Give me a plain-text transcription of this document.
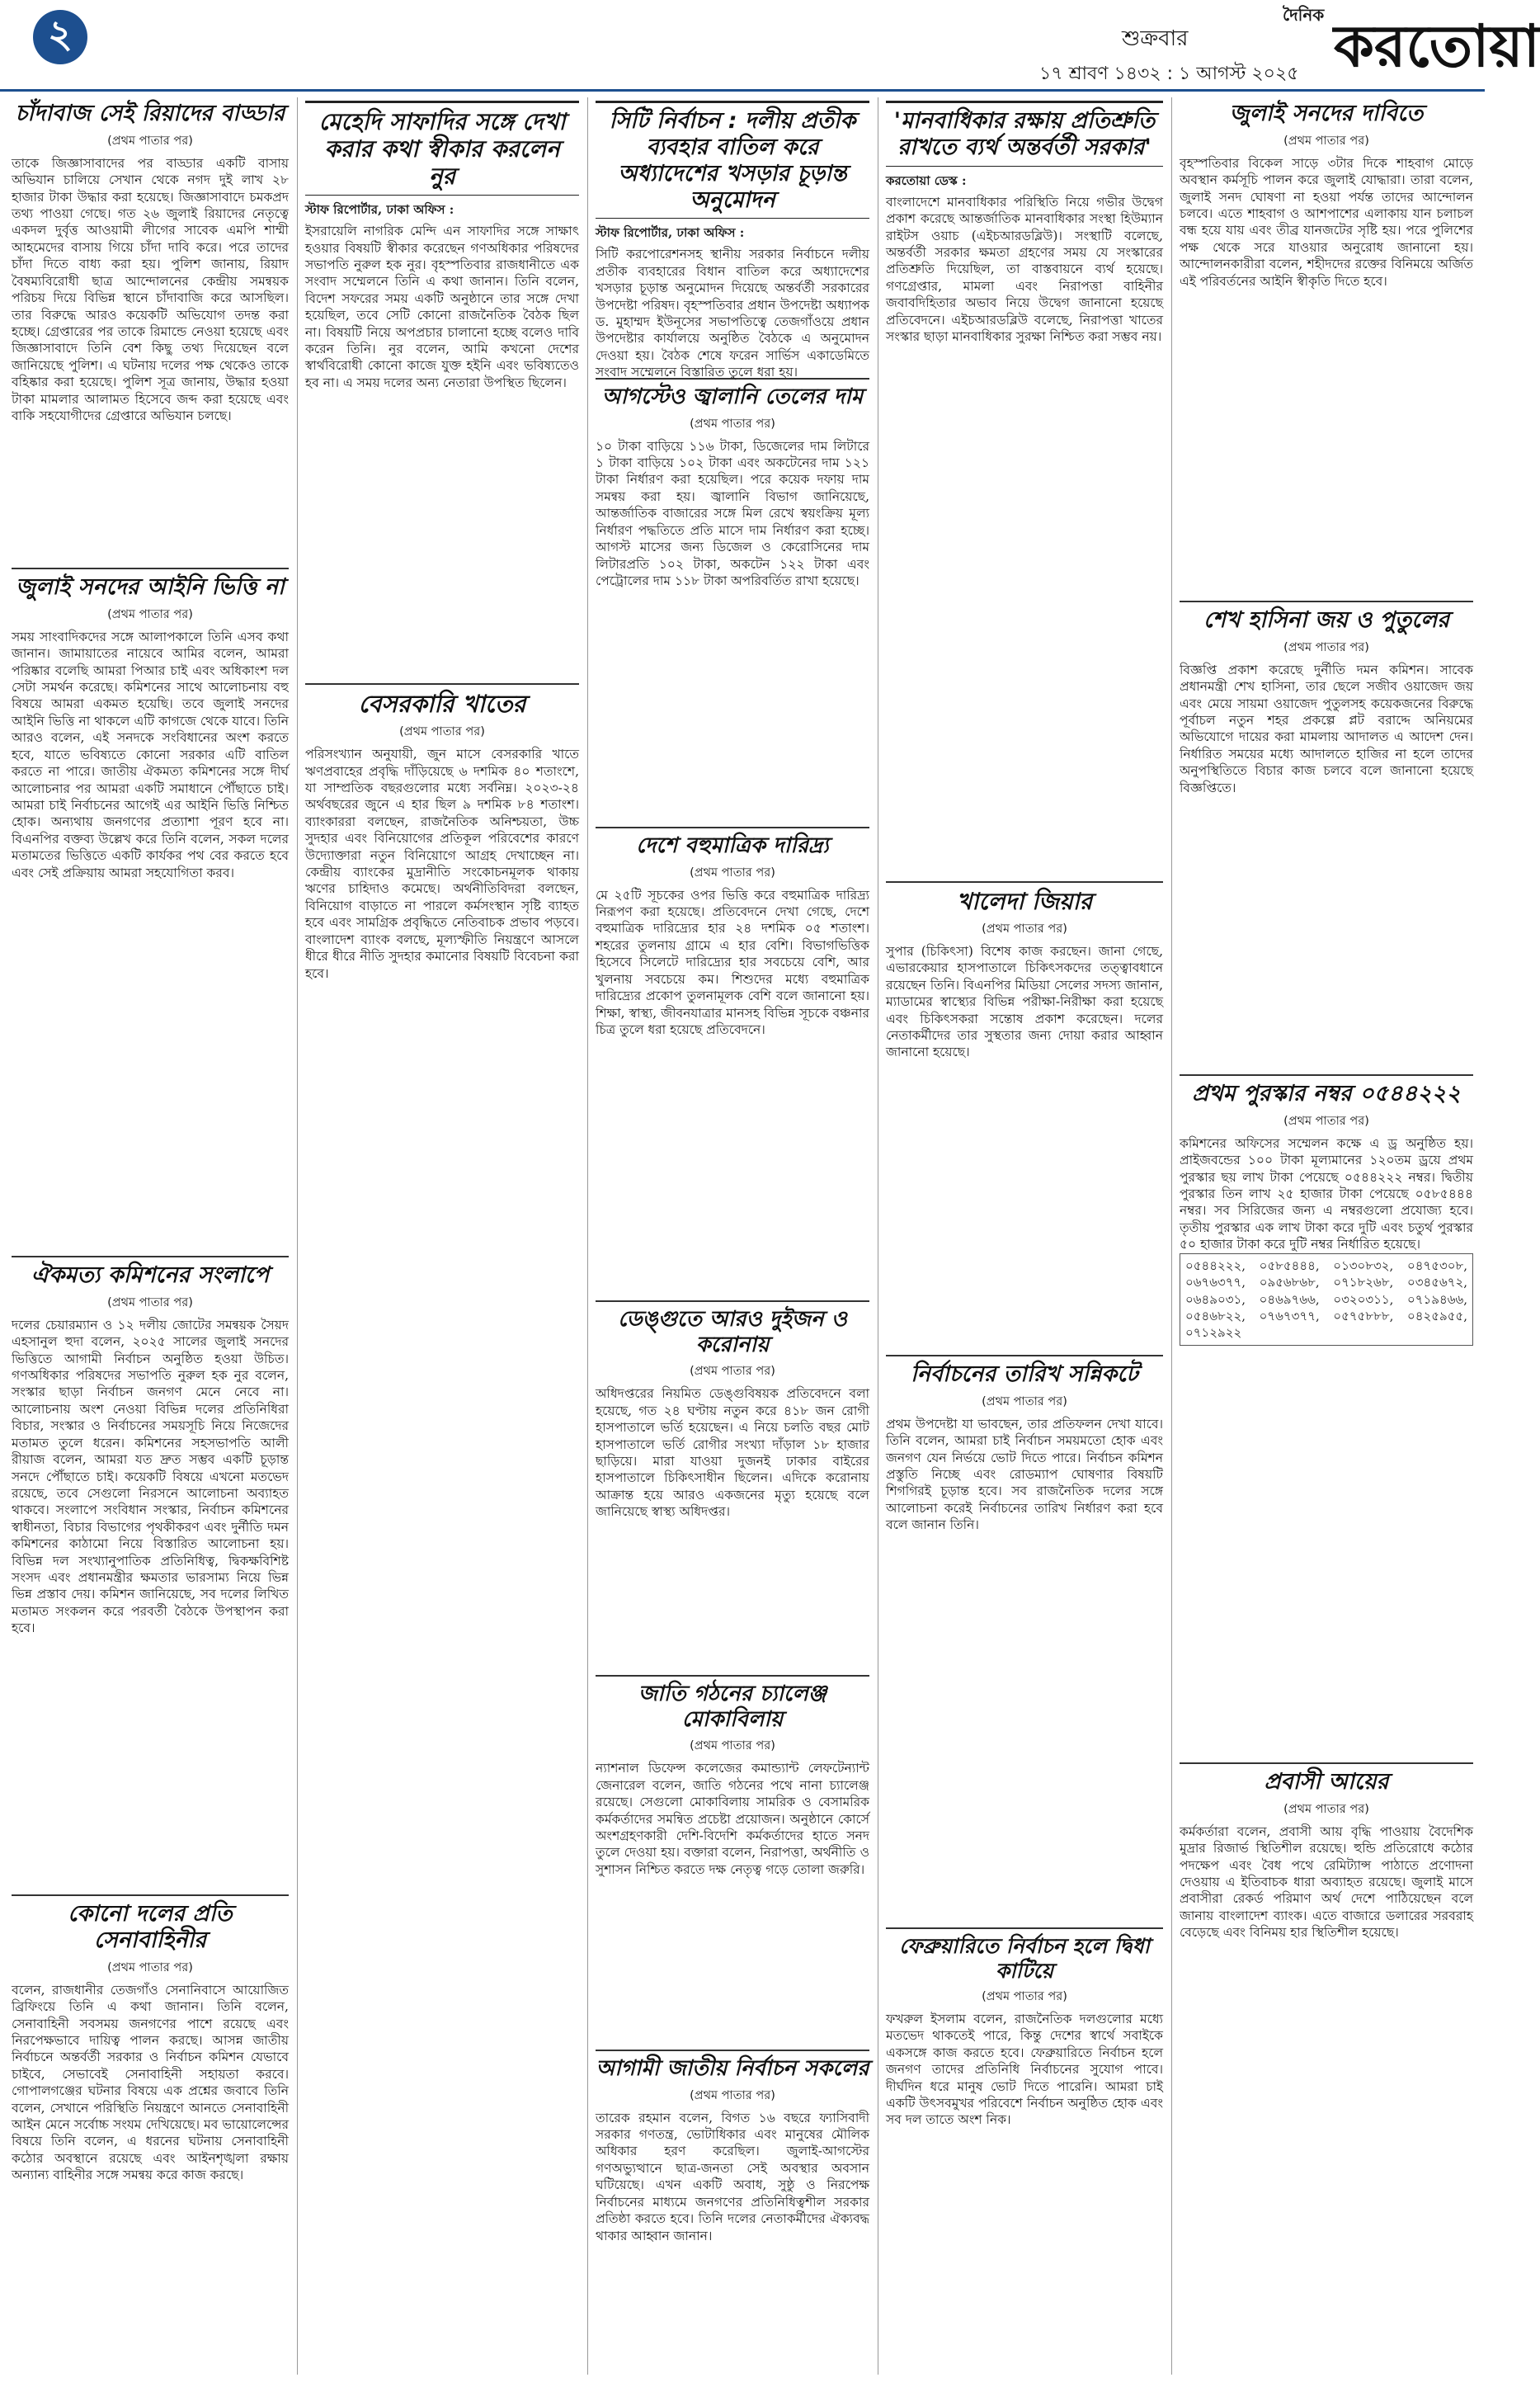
২	শুক্রবার
১৭ শ্রাবণ ১৪৩২ : ১ আগস্ট ২০২৫
দৈনিক করতোয়া
চাঁদাবাজ সেই রিয়াদের বাড্ডার
(প্রথম পাতার পর)

তাকে জিজ্ঞাসাবাদের পর বাড্ডার একটি বাসায় অভিযান চালিয়ে সেখান থেকে নগদ দুই লাখ ২৮ হাজার টাকা উদ্ধার করা হয়েছে। জিজ্ঞাসাবাদে চমকপ্রদ তথ্য পাওয়া গেছে। গত ২৬ জুলাই রিয়াদের নেতৃত্বে একদল দুর্বৃত্ত আওয়ামী লীগের সাবেক এমপি শাম্মী আহমেদের বাসায় গিয়ে চাঁদা দাবি করে। পরে তাদের চাঁদা দিতে বাধ্য করা হয়। পুলিশ জানায়, রিয়াদ বৈষম্যবিরোধী ছাত্র আন্দোলনের কেন্দ্রীয় সমন্বয়ক পরিচয় দিয়ে বিভিন্ন স্থানে চাঁদাবাজি করে আসছিল। তার বিরুদ্ধে আরও কয়েকটি অভিযোগ তদন্ত করা হচ্ছে। গ্রেপ্তারের পর তাকে রিমান্ডে নেওয়া হয়েছে এবং জিজ্ঞাসাবাদে তিনি বেশ কিছু তথ্য দিয়েছেন বলে জানিয়েছে পুলিশ। এ ঘটনায় দলের পক্ষ থেকেও তাকে বহিষ্কার করা হয়েছে। পুলিশ সূত্র জানায়, উদ্ধার হওয়া টাকা মামলার আলামত হিসেবে জব্দ করা হয়েছে এবং বাকি সহযোগীদের গ্রেপ্তারে অভিযান চলছে।

জুলাই সনদের আইনি ভিত্তি না
(প্রথম পাতার পর)

সময় সাংবাদিকদের সঙ্গে আলাপকালে তিনি এসব কথা জানান। জামায়াতের নায়েবে আমির বলেন, আমরা পরিষ্কার বলেছি আমরা পিআর চাই এবং অধিকাংশ দল সেটা সমর্থন করেছে। কমিশনের সাথে আলোচনায় বহু বিষয়ে আমরা একমত হয়েছি। তবে জুলাই সনদের আইনি ভিত্তি না থাকলে এটি কাগজে থেকে যাবে। তিনি আরও বলেন, এই সনদকে সংবিধানের অংশ করতে হবে, যাতে ভবিষ্যতে কোনো সরকার এটি বাতিল করতে না পারে। জাতীয় ঐকমত্য কমিশনের সঙ্গে দীর্ঘ আলোচনার পর আমরা একটি সমাধানে পৌঁছাতে চাই। আমরা চাই নির্বাচনের আগেই এর আইনি ভিত্তি নিশ্চিত হোক। অন্যথায় জনগণের প্রত্যাশা পূরণ হবে না। বিএনপির বক্তব্য উল্লেখ করে তিনি বলেন, সকল দলের মতামতের ভিত্তিতে একটি কার্যকর পথ বের করতে হবে এবং সেই প্রক্রিয়ায় আমরা সহযোগিতা করব।

ঐকমত্য কমিশনের সংলাপে
(প্রথম পাতার পর)

দলের চেয়ারম্যান ও ১২ দলীয় জোটের সমন্বয়ক সৈয়দ এহসানুল হুদা বলেন, ২০২৫ সালের জুলাই সনদের ভিত্তিতে আগামী নির্বাচন অনুষ্ঠিত হওয়া উচিত। গণঅধিকার পরিষদের সভাপতি নুরুল হক নুর বলেন, সংস্কার ছাড়া নির্বাচন জনগণ মেনে নেবে না। আলোচনায় অংশ নেওয়া বিভিন্ন দলের প্রতিনিধিরা বিচার, সংস্কার ও নির্বাচনের সময়সূচি নিয়ে নিজেদের মতামত তুলে ধরেন। কমিশনের সহসভাপতি আলী রীয়াজ বলেন, আমরা যত দ্রুত সম্ভব একটি চূড়ান্ত সনদে পৌঁছাতে চাই। কয়েকটি বিষয়ে এখনো মতভেদ রয়েছে, তবে সেগুলো নিরসনে আলোচনা অব্যাহত থাকবে। সংলাপে সংবিধান সংস্কার, নির্বাচন কমিশনের স্বাধীনতা, বিচার বিভাগের পৃথকীকরণ এবং দুর্নীতি দমন কমিশনের কাঠামো নিয়ে বিস্তারিত আলোচনা হয়। বিভিন্ন দল সংখ্যানুপাতিক প্রতিনিধিত্ব, দ্বিকক্ষবিশিষ্ট সংসদ এবং প্রধানমন্ত্রীর ক্ষমতার ভারসাম্য নিয়ে ভিন্ন ভিন্ন প্রস্তাব দেয়। কমিশন জানিয়েছে, সব দলের লিখিত মতামত সংকলন করে পরবর্তী বৈঠকে উপস্থাপন করা হবে।

কোনো দলের প্রতি সেনাবাহিনীর
(প্রথম পাতার পর)

বলেন, রাজধানীর তেজগাঁও সেনানিবাসে আয়োজিত ব্রিফিংয়ে তিনি এ কথা জানান। তিনি বলেন, সেনাবাহিনী সবসময় জনগণের পাশে রয়েছে এবং নিরপেক্ষভাবে দায়িত্ব পালন করছে। আসন্ন জাতীয় নির্বাচনে অন্তর্বর্তী সরকার ও নির্বাচন কমিশন যেভাবে চাইবে, সেভাবেই সেনাবাহিনী সহায়তা করবে। গোপালগঞ্জের ঘটনার বিষয়ে এক প্রশ্নের জবাবে তিনি বলেন, সেখানে পরিস্থিতি নিয়ন্ত্রণে আনতে সেনাবাহিনী আইন মেনে সর্বোচ্চ সংযম দেখিয়েছে। মব ভায়োলেন্সের বিষয়ে তিনি বলেন, এ ধরনের ঘটনায় সেনাবাহিনী কঠোর অবস্থানে রয়েছে এবং আইনশৃঙ্খলা রক্ষায় অন্যান্য বাহিনীর সঙ্গে সমন্বয় করে কাজ করছে।

মেহেদি সাফাদির সঙ্গে দেখা করার কথা স্বীকার করলেন নুর
স্টাফ রিপোর্টার, ঢাকা অফিস :

ইসরায়েলি নাগরিক মেন্দি এন সাফাদির সঙ্গে সাক্ষাৎ হওয়ার বিষয়টি স্বীকার করেছেন গণঅধিকার পরিষদের সভাপতি নুরুল হক নুর। বৃহস্পতিবার রাজধানীতে এক সংবাদ সম্মেলনে তিনি এ কথা জানান। তিনি বলেন, বিদেশ সফরের সময় একটি অনুষ্ঠানে তার সঙ্গে দেখা হয়েছিল, তবে সেটি কোনো রাজনৈতিক বৈঠক ছিল না। বিষয়টি নিয়ে অপপ্রচার চালানো হচ্ছে বলেও দাবি করেন তিনি। নুর বলেন, আমি কখনো দেশের স্বার্থবিরোধী কোনো কাজে যুক্ত হইনি এবং ভবিষ্যতেও হব না। এ সময় দলের অন্য নেতারা উপস্থিত ছিলেন।

বেসরকারি খাতের
(প্রথম পাতার পর)

পরিসংখ্যান অনুযায়ী, জুন মাসে বেসরকারি খাতে ঋণপ্রবাহের প্রবৃদ্ধি দাঁড়িয়েছে ৬ দশমিক ৪০ শতাংশে, যা সাম্প্রতিক বছরগুলোর মধ্যে সর্বনিম্ন। ২০২৩-২৪ অর্থবছরের জুনে এ হার ছিল ৯ দশমিক ৮৪ শতাংশ। ব্যাংকাররা বলছেন, রাজনৈতিক অনিশ্চয়তা, উচ্চ সুদহার এবং বিনিয়োগের প্রতিকূল পরিবেশের কারণে উদ্যোক্তারা নতুন বিনিয়োগে আগ্রহ দেখাচ্ছেন না। কেন্দ্রীয় ব্যাংকের মুদ্রানীতি সংকোচনমূলক থাকায় ঋণের চাহিদাও কমেছে। অর্থনীতিবিদরা বলছেন, বিনিয়োগ বাড়াতে না পারলে কর্মসংস্থান সৃষ্টি ব্যাহত হবে এবং সামগ্রিক প্রবৃদ্ধিতে নেতিবাচক প্রভাব পড়বে। বাংলাদেশ ব্যাংক বলছে, মূল্যস্ফীতি নিয়ন্ত্রণে আসলে ধীরে ধীরে নীতি সুদহার কমানোর বিষয়টি বিবেচনা করা হবে।

সিটি নির্বাচন : দলীয় প্রতীক ব্যবহার বাতিল করে অধ্যাদেশের খসড়ার চূড়ান্ত অনুমোদন
স্টাফ রিপোর্টার, ঢাকা অফিস :

সিটি করপোরেশনসহ স্থানীয় সরকার নির্বাচনে দলীয় প্রতীক ব্যবহারের বিধান বাতিল করে অধ্যাদেশের খসড়ার চূড়ান্ত অনুমোদন দিয়েছে অন্তর্বর্তী সরকারের উপদেষ্টা পরিষদ। বৃহস্পতিবার প্রধান উপদেষ্টা অধ্যাপক ড. মুহাম্মদ ইউনূসের সভাপতিত্বে তেজগাঁওয়ে প্রধান উপদেষ্টার কার্যালয়ে অনুষ্ঠিত বৈঠকে এ অনুমোদন দেওয়া হয়। বৈঠক শেষে ফরেন সার্ভিস একাডেমিতে সংবাদ সম্মেলনে বিস্তারিত তুলে ধরা হয়।

আগস্টেও জ্বালানি তেলের দাম
(প্রথম পাতার পর)

১০ টাকা বাড়িয়ে ১১৬ টাকা, ডিজেলের দাম লিটারে ১ টাকা বাড়িয়ে ১০২ টাকা এবং অকটেনের দাম ১২১ টাকা নির্ধারণ করা হয়েছিল। পরে কয়েক দফায় দাম সমন্বয় করা হয়। জ্বালানি বিভাগ জানিয়েছে, আন্তর্জাতিক বাজারের সঙ্গে মিল রেখে স্বয়ংক্রিয় মূল্য নির্ধারণ পদ্ধতিতে প্রতি মাসে দাম নির্ধারণ করা হচ্ছে। আগস্ট মাসের জন্য ডিজেল ও কেরোসিনের দাম লিটারপ্রতি ১০২ টাকা, অকটেন ১২২ টাকা এবং পেট্রোলের দাম ১১৮ টাকা অপরিবর্তিত রাখা হয়েছে।

দেশে বহুমাত্রিক দারিদ্র্য
(প্রথম পাতার পর)

মে ২৫টি সূচকের ওপর ভিত্তি করে বহুমাত্রিক দারিদ্র্য নিরূপণ করা হয়েছে। প্রতিবেদনে দেখা গেছে, দেশে বহুমাত্রিক দারিদ্র্যের হার ২৪ দশমিক ০৫ শতাংশ। শহরের তুলনায় গ্রামে এ হার বেশি। বিভাগভিত্তিক হিসেবে সিলেটে দারিদ্র্যের হার সবচেয়ে বেশি, আর খুলনায় সবচেয়ে কম। শিশুদের মধ্যে বহুমাত্রিক দারিদ্র্যের প্রকোপ তুলনামূলক বেশি বলে জানানো হয়। শিক্ষা, স্বাস্থ্য, জীবনযাত্রার মানসহ বিভিন্ন সূচকে বঞ্চনার চিত্র তুলে ধরা হয়েছে প্রতিবেদনে।

ডেঙ্গুতে আরও দুইজন ও করোনায়
(প্রথম পাতার পর)

অধিদপ্তরের নিয়মিত ডেঙ্গুবিষয়ক প্রতিবেদনে বলা হয়েছে, গত ২৪ ঘণ্টায় নতুন করে ৪১৮ জন রোগী হাসপাতালে ভর্তি হয়েছেন। এ নিয়ে চলতি বছর মোট হাসপাতালে ভর্তি রোগীর সংখ্যা দাঁড়াল ১৮ হাজার ছাড়িয়ে। মারা যাওয়া দুজনই ঢাকার বাইরের হাসপাতালে চিকিৎসাধীন ছিলেন। এদিকে করোনায় আক্রান্ত হয়ে আরও একজনের মৃত্যু হয়েছে বলে জানিয়েছে স্বাস্থ্য অধিদপ্তর।

জাতি গঠনের চ্যালেঞ্জ মোকাবিলায়
(প্রথম পাতার পর)

ন্যাশনাল ডিফেন্স কলেজের কমান্ড্যান্ট লেফটেন্যান্ট জেনারেল বলেন, জাতি গঠনের পথে নানা চ্যালেঞ্জ রয়েছে। সেগুলো মোকাবিলায় সামরিক ও বেসামরিক কর্মকর্তাদের সমন্বিত প্রচেষ্টা প্রয়োজন। অনুষ্ঠানে কোর্সে অংশগ্রহণকারী দেশি-বিদেশি কর্মকর্তাদের হাতে সনদ তুলে দেওয়া হয়। বক্তারা বলেন, নিরাপত্তা, অর্থনীতি ও সুশাসন নিশ্চিত করতে দক্ষ নেতৃত্ব গড়ে তোলা জরুরি।

আগামী জাতীয় নির্বাচন সকলের
(প্রথম পাতার পর)

তারেক রহমান বলেন, বিগত ১৬ বছরে ফ্যাসিবাদী সরকার গণতন্ত্র, ভোটাধিকার এবং মানুষের মৌলিক অধিকার হরণ করেছিল। জুলাই-আগস্টের গণঅভ্যুত্থানে ছাত্র-জনতা সেই অবস্থার অবসান ঘটিয়েছে। এখন একটি অবাধ, সুষ্ঠু ও নিরপেক্ষ নির্বাচনের মাধ্যমে জনগণের প্রতিনিধিত্বশীল সরকার প্রতিষ্ঠা করতে হবে। তিনি দলের নেতাকর্মীদের ঐক্যবদ্ধ থাকার আহ্বান জানান।

'মানবাধিকার রক্ষায় প্রতিশ্রুতি রাখতে ব্যর্থ অন্তর্বর্তী সরকার'
করতোয়া ডেস্ক :

বাংলাদেশে মানবাধিকার পরিস্থিতি নিয়ে গভীর উদ্বেগ প্রকাশ করেছে আন্তর্জাতিক মানবাধিকার সংস্থা হিউম্যান রাইটস ওয়াচ (এইচআরডব্লিউ)। সংস্থাটি বলেছে, অন্তর্বর্তী সরকার ক্ষমতা গ্রহণের সময় যে সংস্কারের প্রতিশ্রুতি দিয়েছিল, তা বাস্তবায়নে ব্যর্থ হয়েছে। গণগ্রেপ্তার, মামলা এবং নিরাপত্তা বাহিনীর জবাবদিহিতার অভাব নিয়ে উদ্বেগ জানানো হয়েছে প্রতিবেদনে। এইচআরডব্লিউ বলেছে, নিরাপত্তা খাতের সংস্কার ছাড়া মানবাধিকার সুরক্ষা নিশ্চিত করা সম্ভব নয়।

খালেদা জিয়ার
(প্রথম পাতার পর)

সুপার (চিকিৎসা) বিশেষ কাজ করছেন। জানা গেছে, এভারকেয়ার হাসপাতালে চিকিৎসকদের তত্ত্বাবধানে রয়েছেন তিনি। বিএনপির মিডিয়া সেলের সদস্য জানান, ম্যাডামের স্বাস্থ্যের বিভিন্ন পরীক্ষা-নিরীক্ষা করা হয়েছে এবং চিকিৎসকরা সন্তোষ প্রকাশ করেছেন। দলের নেতাকর্মীদের তার সুস্থতার জন্য দোয়া করার আহ্বান জানানো হয়েছে।

নির্বাচনের তারিখ সন্নিকটে
(প্রথম পাতার পর)

প্রথম উপদেষ্টা যা ভাবছেন, তার প্রতিফলন দেখা যাবে। তিনি বলেন, আমরা চাই নির্বাচন সময়মতো হোক এবং জনগণ যেন নির্ভয়ে ভোট দিতে পারে। নির্বাচন কমিশন প্রস্তুতি নিচ্ছে এবং রোডম্যাপ ঘোষণার বিষয়টি শিগগিরই চূড়ান্ত হবে। সব রাজনৈতিক দলের সঙ্গে আলোচনা করেই নির্বাচনের তারিখ নির্ধারণ করা হবে বলে জানান তিনি।

ফেব্রুয়ারিতে নির্বাচন হলে দ্বিধা কাটিয়ে
(প্রথম পাতার পর)

ফখরুল ইসলাম বলেন, রাজনৈতিক দলগুলোর মধ্যে মতভেদ থাকতেই পারে, কিন্তু দেশের স্বার্থে সবাইকে একসঙ্গে কাজ করতে হবে। ফেব্রুয়ারিতে নির্বাচন হলে জনগণ তাদের প্রতিনিধি নির্বাচনের সুযোগ পাবে। দীর্ঘদিন ধরে মানুষ ভোট দিতে পারেনি। আমরা চাই একটি উৎসবমুখর পরিবেশে নির্বাচন অনুষ্ঠিত হোক এবং সব দল তাতে অংশ নিক।

জুলাই সনদের দাবিতে
(প্রথম পাতার পর)

বৃহস্পতিবার বিকেল সাড়ে ৩টার দিকে শাহবাগ মোড়ে অবস্থান কর্মসূচি পালন করে জুলাই যোদ্ধারা। তারা বলেন, জুলাই সনদ ঘোষণা না হওয়া পর্যন্ত তাদের আন্দোলন চলবে। এতে শাহবাগ ও আশপাশের এলাকায় যান চলাচল বন্ধ হয়ে যায় এবং তীব্র যানজটের সৃষ্টি হয়। পরে পুলিশের পক্ষ থেকে সরে যাওয়ার অনুরোধ জানানো হয়। আন্দোলনকারীরা বলেন, শহীদদের রক্তের বিনিময়ে অর্জিত এই পরিবর্তনের আইনি স্বীকৃতি দিতে হবে।

শেখ হাসিনা জয় ও পুতুলের
(প্রথম পাতার পর)

বিজ্ঞপ্তি প্রকাশ করেছে দুর্নীতি দমন কমিশন। সাবেক প্রধানমন্ত্রী শেখ হাসিনা, তার ছেলে সজীব ওয়াজেদ জয় এবং মেয়ে সায়মা ওয়াজেদ পুতুলসহ কয়েকজনের বিরুদ্ধে পূর্বাচল নতুন শহর প্রকল্পে প্লট বরাদ্দে অনিয়মের অভিযোগে দায়ের করা মামলায় আদালত এ আদেশ দেন। নির্ধারিত সময়ের মধ্যে আদালতে হাজির না হলে তাদের অনুপস্থিতিতে বিচার কাজ চলবে বলে জানানো হয়েছে বিজ্ঞপ্তিতে।

প্রথম পুরস্কার নম্বর ০৫৪৪২২২
(প্রথম পাতার পর)

কমিশনের অফিসের সম্মেলন কক্ষে এ ড্র অনুষ্ঠিত হয়। প্রাইজবন্ডের ১০০ টাকা মূল্যমানের ১২০তম ড্রয়ে প্রথম পুরস্কার ছয় লাখ টাকা পেয়েছে ০৫৪৪২২২ নম্বর। দ্বিতীয় পুরস্কার তিন লাখ ২৫ হাজার টাকা পেয়েছে ০৫৮৫৪৪৪ নম্বর। সব সিরিজের জন্য এ নম্বরগুলো প্রযোজ্য হবে। তৃতীয় পুরস্কার এক লাখ টাকা করে দুটি এবং চতুর্থ পুরস্কার ৫০ হাজার টাকা করে দুটি নম্বর নির্ধারিত হয়েছে।

০৫৪৪২২২, ০৫৮৫৪৪৪, ০১৩০৮৩২, ০৪৭৫৩০৮, ০৬৭৬৩৭৭, ০৯৫৬৮৬৮, ০৭১৮২৬৮, ০৩৪৫৬৭২, ০৬৪৯০৩১, ০৪৬৯৭৬৬, ০৩২০৩১১, ০৭১৯৪৬৬, ০৫৪৬৮২২, ০৭৬৭৩৭৭, ০৫৭৫৮৮৮, ০৪২৫৯৫৫, ০৭১২৯২২

প্রবাসী আয়ের
(প্রথম পাতার পর)

কর্মকর্তারা বলেন, প্রবাসী আয় বৃদ্ধি পাওয়ায় বৈদেশিক মুদ্রার রিজার্ভ স্থিতিশীল রয়েছে। হুন্ডি প্রতিরোধে কঠোর পদক্ষেপ এবং বৈধ পথে রেমিট্যান্স পাঠাতে প্রণোদনা দেওয়ায় এ ইতিবাচক ধারা অব্যাহত রয়েছে। জুলাই মাসে প্রবাসীরা রেকর্ড পরিমাণ অর্থ দেশে পাঠিয়েছেন বলে জানায় বাংলাদেশ ব্যাংক। এতে বাজারে ডলারের সরবরাহ বেড়েছে এবং বিনিময় হার স্থিতিশীল হয়েছে।
